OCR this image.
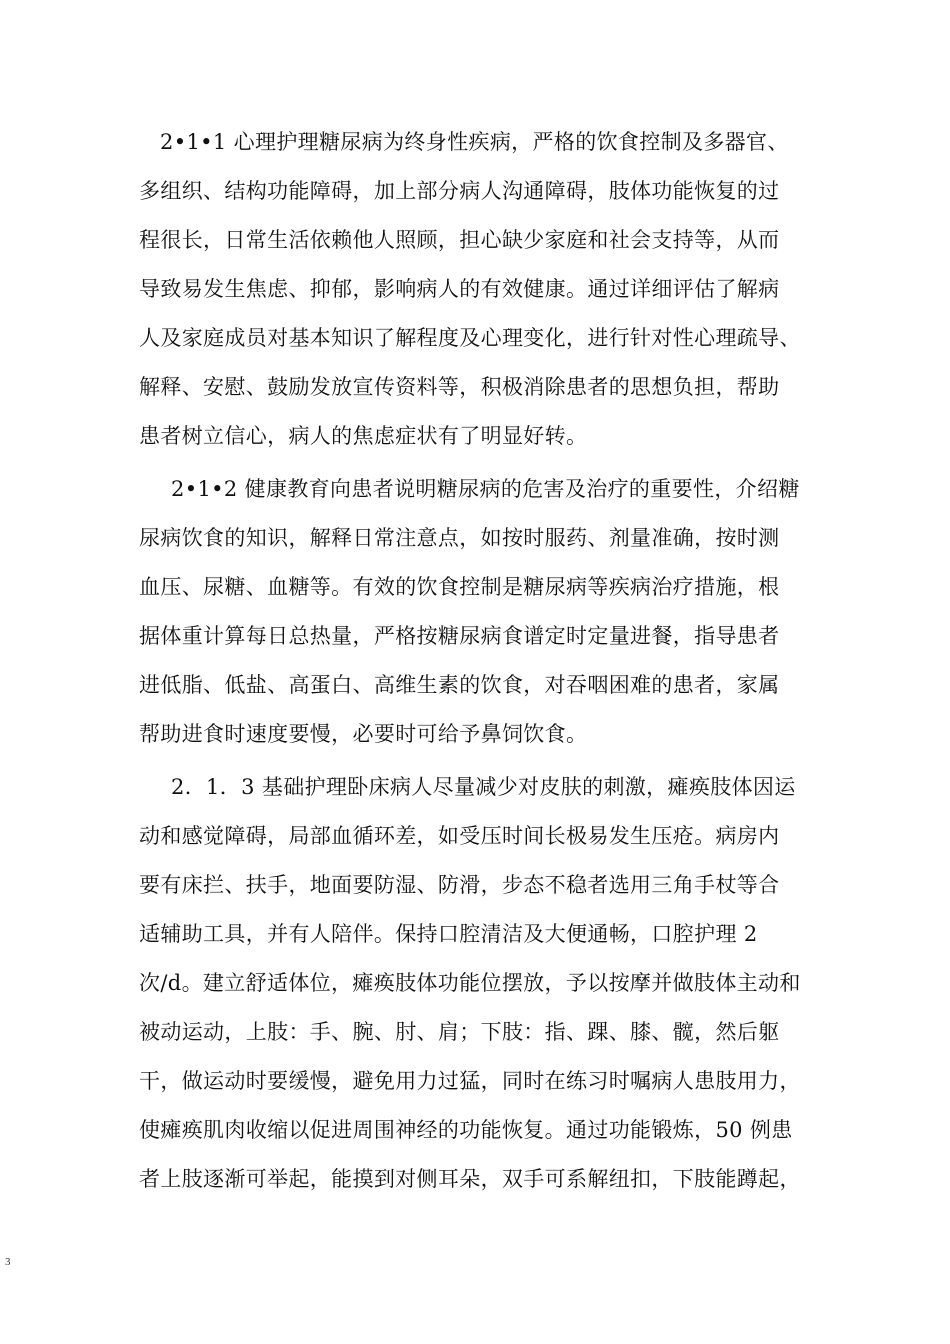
2•1•1 心理护理糖尿病为终身性疾病，严格的饮食控制及多器官、
多组织、结构功能障碍，加上部分病人沟通障碍，肢体功能恢复的过
程很长，日常生活依赖他人照顾，担心缺少家庭和社会支持等，从而
导致易发生焦虑、抑郁，影响病人的有效健康。通过详细评估了解病
人及家庭成员对基本知识了解程度及心理变化，进行针对性心理疏导、
解释、安慰、鼓励发放宣传资料等，积极消除患者的思想负担，帮助
患者树立信心，病人的焦虑症状有了明显好转。
2•1•2 健康教育向患者说明糖尿病的危害及治疗的重要性，介绍糖
尿病饮食的知识，解释日常注意点，如按时服药、剂量准确，按时测
血压、尿糖、血糖等。有效的饮食控制是糖尿病等疾病治疗措施，根
据体重计算每日总热量，严格按糖尿病食谱定时定量进餐，指导患者
进低脂、低盐、高蛋白、高维生素的饮食，对吞咽困难的患者，家属
帮助进食时速度要慢，必要时可给予鼻饲饮食。
2．1．3 基础护理卧床病人尽量减少对皮肤的刺激，瘫痪肢体因运
动和感觉障碍，局部血循环差，如受压时间长极易发生压疮。病房内
要有床拦、扶手，地面要防湿、防滑，步态不稳者选用三角手杖等合
适辅助工具，并有人陪伴。保持口腔清洁及大便通畅，口腔护理 2
次/d。建立舒适体位，瘫痪肢体功能位摆放，予以按摩并做肢体主动和
被动运动，上肢：手、腕、肘、肩；下肢：指、踝、膝、髋，然后躯
干，做运动时要缓慢，避免用力过猛，同时在练习时嘱病人患肢用力，
使瘫痪肌肉收缩以促进周围神经的功能恢复。通过功能锻炼，50 例患
者上肢逐渐可举起，能摸到对侧耳朵，双手可系解纽扣，下肢能蹲起，
3
